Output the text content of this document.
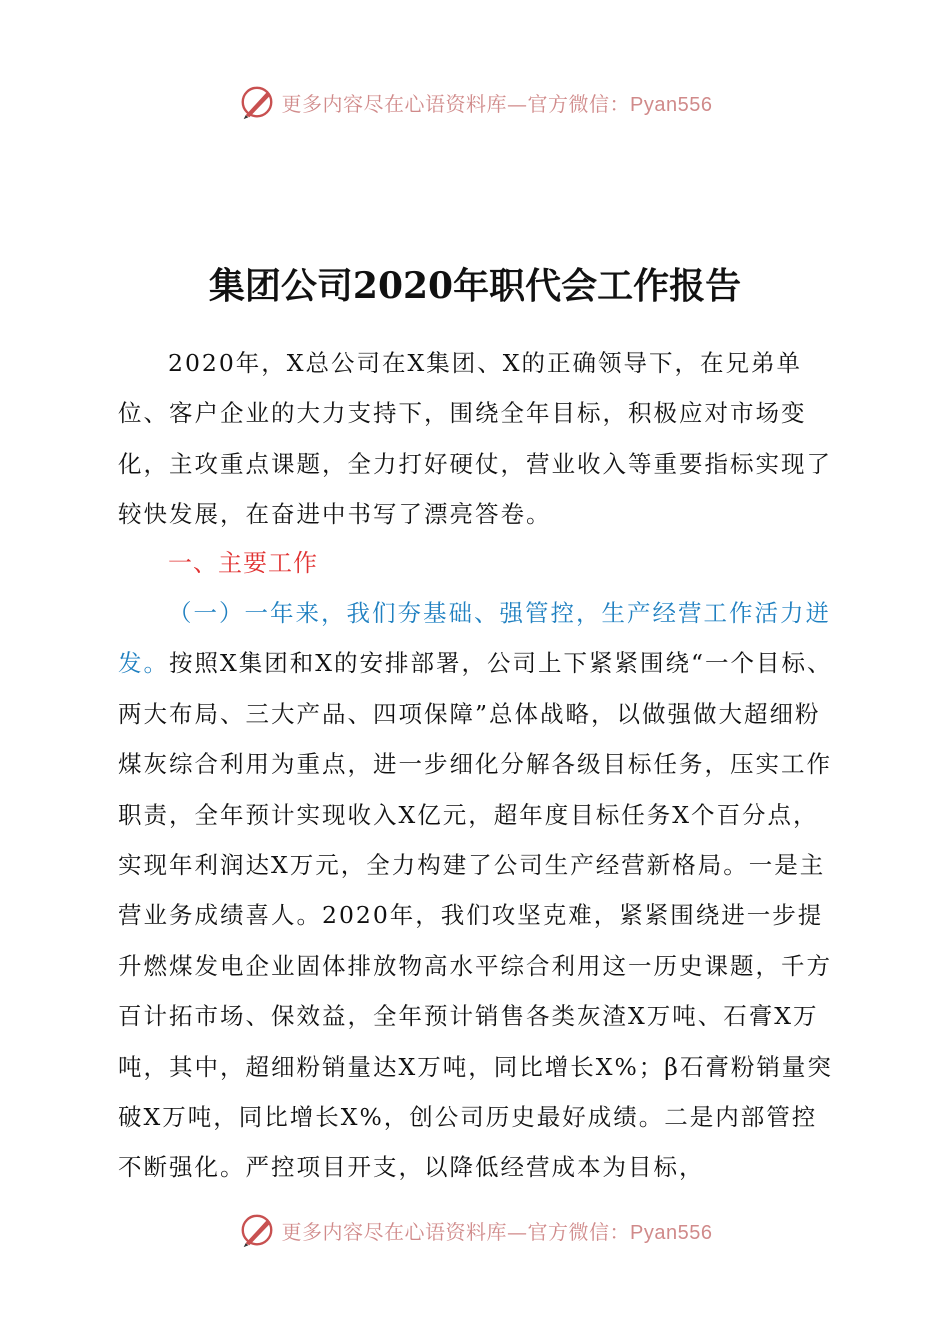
更多内容尽在心语资料库—官方微信：Pyan556
集团公司2020年职代会工作报告
2020年，X总公司在X集团、X的正确领导下，在兄弟单位、客户企业的大力支持下，围绕全年目标，积极应对市场变化，主攻重点课题，全力打好硬仗，营业收入等重要指标实现了较快发展，在奋进中书写了漂亮答卷。
一、主要工作
（一）一年来，我们夯基础、强管控，生产经营工作活力迸发。按照X集团和X的安排部署，公司上下紧紧围绕“一个目标、两大布局、三大产品、四项保障”总体战略，以做强做大超细粉煤灰综合利用为重点，进一步细化分解各级目标任务，压实工作职责，全年预计实现收入X亿元，超年度目标任务X个百分点，实现年利润达X万元，全力构建了公司生产经营新格局。一是主营业务成绩喜人。2020年，我们攻坚克难，紧紧围绕进一步提升燃煤发电企业固体排放物高水平综合利用这一历史课题，千方百计拓市场、保效益，全年预计销售各类灰渣X万吨、石膏X万吨，其中，超细粉销量达X万吨，同比增长X%；β石膏粉销量突破X万吨，同比增长X%，创公司历史最好成绩。二是内部管控不断强化。严控项目开支，以降低经营成本为目标，
更多内容尽在心语资料库—官方微信：Pyan556
